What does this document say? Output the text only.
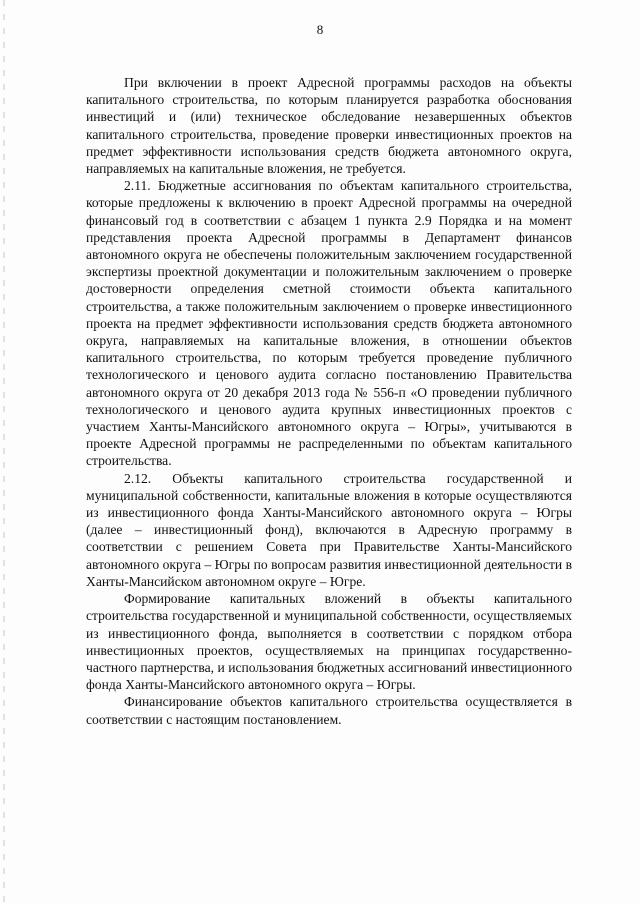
8

При включении в проект Адресной программы расходов на объекты капитального строительства, по которым планируется разработка обоснования инвестиций и (или) техническое обследование незавершенных объектов капитального строительства, проведение проверки инвестиционных проектов на предмет эффективности использования средств бюджета автономного округа, направляемых на капитальные вложения, не требуется.

2.11. Бюджетные ассигнования по объектам капитального строительства, которые предложены к включению в проект Адресной программы на очередной финансовый год в соответствии с абзацем 1 пункта 2.9 Порядка и на момент представления проекта Адресной программы в Департамент финансов автономного округа не обеспечены положительным заключением государственной экспертизы проектной документации и положительным заключением о проверке достоверности определения сметной стоимости объекта капитального строительства, а также положительным заключением о проверке инвестиционного проекта на предмет эффективности использования средств бюджета автономного округа, направляемых на капитальные вложения, в отношении объектов капитального строительства, по которым требуется проведение публичного технологического и ценового аудита согласно постановлению Правительства автономного округа от 20 декабря 2013 года № 556-п «О проведении публичного технологического и ценового аудита крупных инвестиционных проектов с участием Ханты-Мансийского автономного округа – Югры», учитываются в проекте Адресной программы не распределенными по объектам капитального строительства.

2.12. Объекты капитального строительства государственной и муниципальной собственности, капитальные вложения в которые осуществляются из инвестиционного фонда Ханты-Мансийского автономного округа – Югры (далее – инвестиционный фонд), включаются в Адресную программу в соответствии с решением Совета при Правительстве Ханты-Мансийского автономного округа – Югры по вопросам развития инвестиционной деятельности в Ханты-Мансийском автономном округе – Югре.

Формирование капитальных вложений в объекты капитального строительства государственной и муниципальной собственности, осуществляемых из инвестиционного фонда, выполняется в соответствии с порядком отбора инвестиционных проектов, осуществляемых на принципах государственно-частного партнерства, и использования бюджетных ассигнований инвестиционного фонда Ханты-Мансийского автономного округа – Югры.

Финансирование объектов капитального строительства осуществляется в соответствии с настоящим постановлением.
